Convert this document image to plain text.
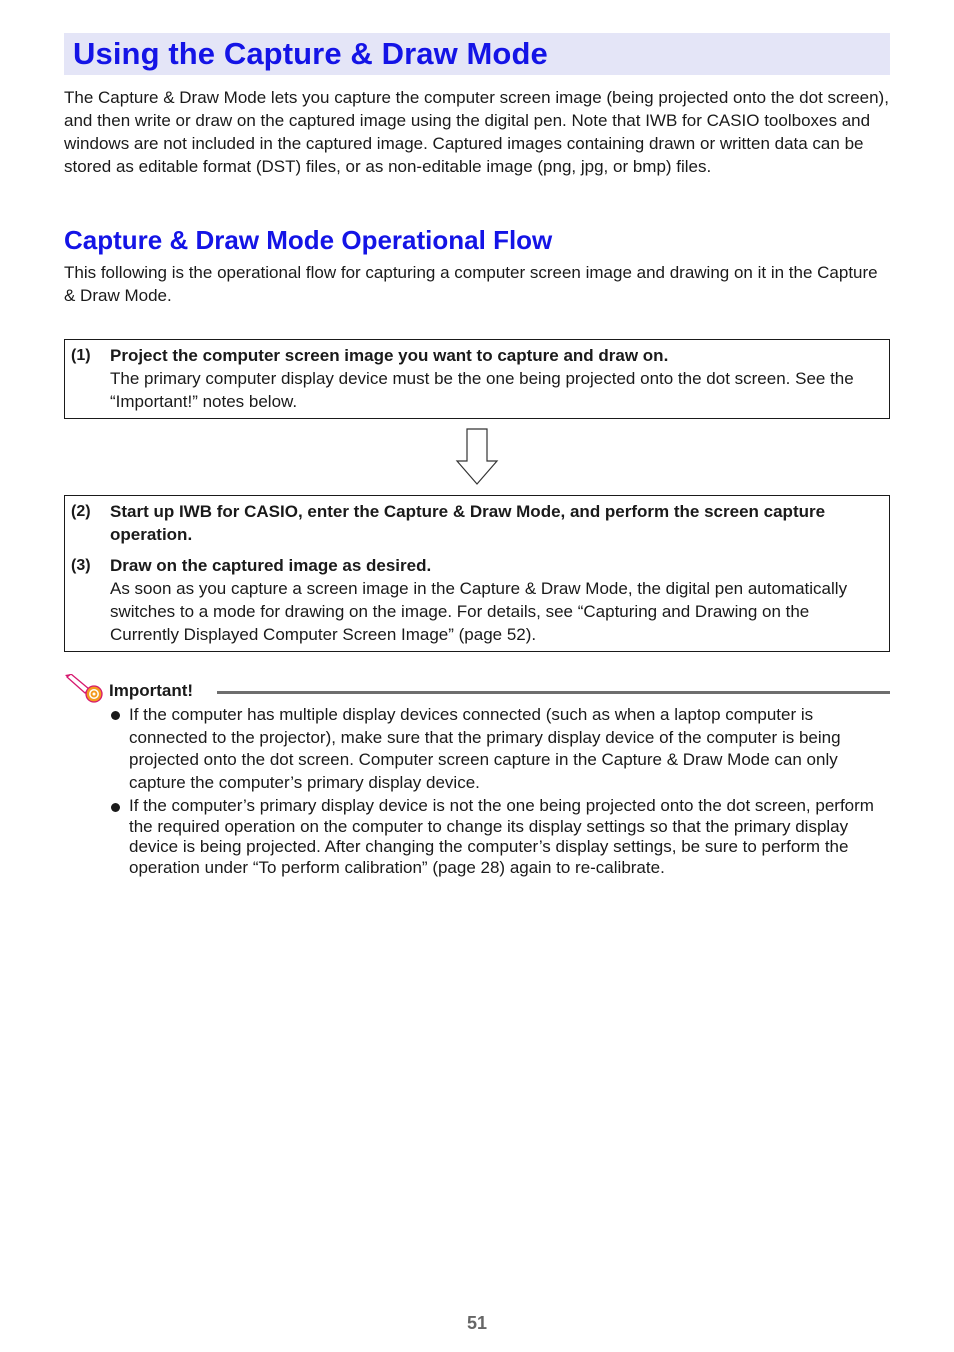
Using the Capture & Draw Mode

The Capture & Draw Mode lets you capture the computer screen image (being projected onto the dot screen), and then write or draw on the captured image using the digital pen. Note that IWB for CASIO toolboxes and windows are not included in the captured image. Captured images containing drawn or written data can be stored as editable format (DST) files, or as non-editable image (png, jpg, or bmp) files.

Capture & Draw Mode Operational Flow

This following is the operational flow for capturing a computer screen image and drawing on it in the Capture & Draw Mode.

(1)	Project the computer screen image you want to capture and draw on.
The primary computer display device must be the one being projected onto the dot screen. See the “Important!” notes below.
(2)	Start up IWB for CASIO, enter the Capture & Draw Mode, and perform the screen capture operation.
(3)	Draw on the captured image as desired.
As soon as you capture a screen image in the Capture & Draw Mode, the digital pen automatically switches to a mode for drawing on the image. For details, see “Capturing and Drawing on the Currently Displayed Computer Screen Image” (page 52).
Important!
If the computer has multiple display devices connected (such as when a laptop computer is connected to the projector), make sure that the primary display device of the computer is being projected onto the dot screen. Computer screen capture in the Capture & Draw Mode can only capture the computer’s primary display device.
If the computer’s primary display device is not the one being projected onto the dot screen, perform the required operation on the computer to change its display settings so that the primary display device is being projected. After changing the computer’s display settings, be sure to perform the operation under “To perform calibration” (page 28) again to re-calibrate.
51
